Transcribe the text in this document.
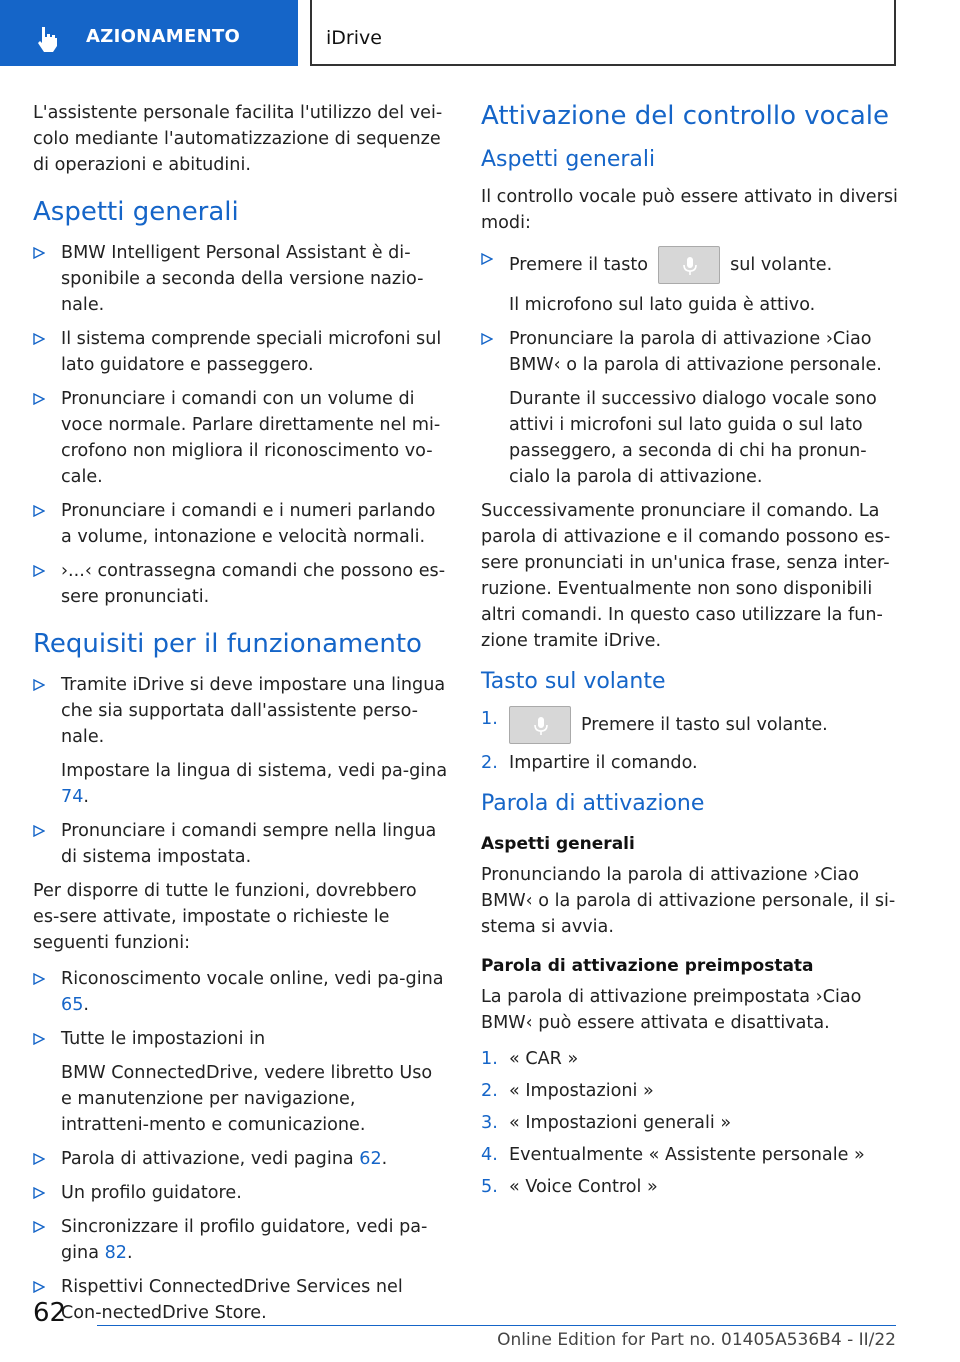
AZIONAMENTO	iDrive

L'assistente personale facilita l'utilizzo del vei-colo mediante l'automatizzazione di sequenze di operazioni e abitudini.

Aspetti generali
BMW Intelligent Personal Assistant è di-sponibile a seconda della versione nazio-nale.
Il sistema comprende speciali microfoni sul lato guidatore e passeggero.
Pronunciare i comandi con un volume di voce normale. Parlare direttamente nel mi-crofono non migliora il riconoscimento vo-cale.
Pronunciare i comandi e i numeri parlando a volume, intonazione e velocità normali.
›...‹ contrassegna comandi che possono es-sere pronunciati.
Requisiti per il funzionamento
Tramite iDrive si deve impostare una lingua che sia supportata dall'assistente perso-nale.

Impostare la lingua di sistema, vedi pa-gina 74.

Pronunciare i comandi sempre nella lingua di sistema impostata.

Per disporre di tutte le funzioni, dovrebbero es-sere attivate, impostate o richieste le seguenti funzioni:

Riconoscimento vocale online, vedi pa-gina 65.
Tutte le impostazioni in

BMW ConnectedDrive, vedere libretto Uso e manutenzione per navigazione, intratteni-mento e comunicazione.

Parola di attivazione, vedi pagina 62.
Un profilo guidatore.
Sincronizzare il profilo guidatore, vedi pa-gina 82.
Rispettivi ConnectedDrive Services nel Con-nectedDrive Store.
Attivazione del controllo vocale
Aspetti generali

Il controllo vocale può essere attivato in diversi modi:

Premere il tasto	sul volante.

Il microfono sul lato guida è attivo.

Pronunciare la parola di attivazione ›Ciao BMW‹ o la parola di attivazione personale.

Durante il successivo dialogo vocale sono attivi i microfoni sul lato guida o sul lato passeggero, a seconda di chi ha pronun-cialo la parola di attivazione.

Successivamente pronunciare il comando. La parola di attivazione e il comando possono es-sere pronunciati in un'unica frase, senza inter-ruzione. Eventualmente non sono disponibili altri comandi. In questo caso utilizzare la fun-zione tramite iDrive.

Tasto sul volante
1.	Premere il tasto sul volante.
2. Impartire il comando.
Parola di attivazione
Aspetti generali

Pronunciando la parola di attivazione ›Ciao BMW‹ o la parola di attivazione personale, il si-stema si avvia.

Parola di attivazione preimpostata

La parola di attivazione preimpostata ›Ciao BMW‹ può essere attivata e disattivata.

1. « CAR »
2. « Impostazioni »
3. « Impostazioni generali »
4. Eventualmente « Assistente personale »
5. « Voice Control »
62
Online Edition for Part no. 01405A536B4 - II/22
